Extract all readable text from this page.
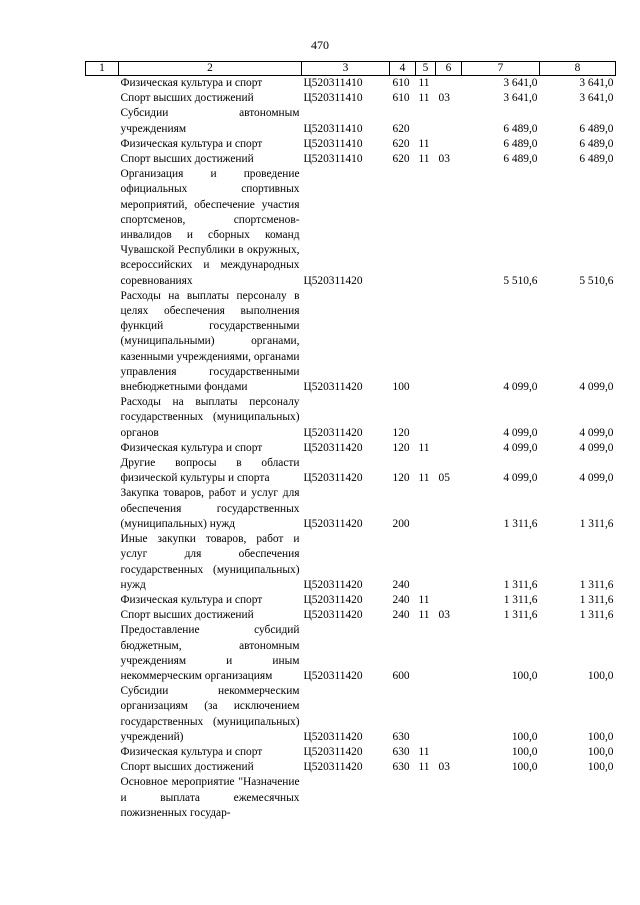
470
1	2	3	4	5	6	7	8
	Физическая культура и спорт	Ц520311410	610	11		3 641,0	3 641,0
	Спорт высших достижений	Ц520311410	610	11	03	3 641,0	3 641,0
	Субсидии автономным учреждениям	Ц520311410	620			6 489,0	6 489,0
	Физическая культура и спорт	Ц520311410	620	11		6 489,0	6 489,0
	Спорт высших достижений	Ц520311410	620	11	03	6 489,0	6 489,0
	Организация и проведение официальных спортивных мероприятий, обеспечение участия спортсменов, спортсменов-инвалидов и сборных команд Чувашской Республики в окружных, всероссийских и международных соревнованиях	Ц520311420				5 510,6	5 510,6
	Расходы на выплаты персоналу в целях обеспечения выполнения функций государственными (муниципальными) органами, казенными учреждениями, органами управления государственными внебюджетными фондами	Ц520311420	100			4 099,0	4 099,0
	Расходы на выплаты персоналу государственных (муниципальных) органов	Ц520311420	120			4 099,0	4 099,0
	Физическая культура и спорт	Ц520311420	120	11		4 099,0	4 099,0
	Другие вопросы в области физической культуры и спорта	Ц520311420	120	11	05	4 099,0	4 099,0
	Закупка товаров, работ и услуг для обеспечения государственных (муниципальных) нужд	Ц520311420	200			1 311,6	1 311,6
	Иные закупки товаров, работ и услуг для обеспечения государственных (муниципальных) нужд	Ц520311420	240			1 311,6	1 311,6
	Физическая культура и спорт	Ц520311420	240	11		1 311,6	1 311,6
	Спорт высших достижений	Ц520311420	240	11	03	1 311,6	1 311,6
	Предоставление субсидий бюджетным, автономным учреждениям и иным некоммерческим организациям	Ц520311420	600			100,0	100,0
	Субсидии некоммерческим организациям (за исключением государственных (муниципальных) учреждений)	Ц520311420	630			100,0	100,0
	Физическая культура и спорт	Ц520311420	630	11		100,0	100,0
	Спорт высших достижений	Ц520311420	630	11	03	100,0	100,0
	Основное мероприятие "Назначение и выплата ежемесячных пожизненных государ-						
